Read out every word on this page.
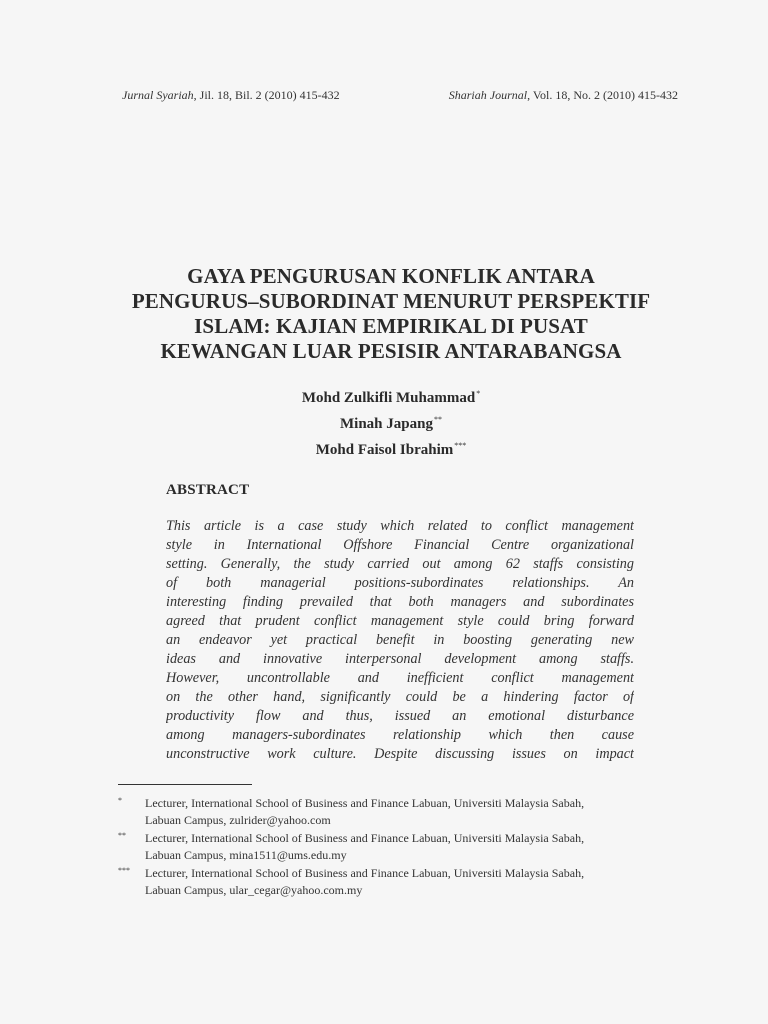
Jurnal Syariah, Jil. 18, Bil. 2 (2010) 415-432	Shariah Journal, Vol. 18, No. 2 (2010) 415-432
GAYA PENGURUSAN KONFLIK ANTARA
PENGURUS–SUBORDINAT MENURUT PERSPEKTIF
ISLAM: KAJIAN EMPIRIKAL DI PUSAT
KEWANGAN LUAR PESISIR ANTARABANGSA
Mohd Zulkifli Muhammad*
Minah Japang**
Mohd Faisol Ibrahim***
ABSTRACT
This article is a case study which related to conflict management
style in International Offshore Financial Centre organizational
setting. Generally, the study carried out among 62 staffs consisting
of both managerial positions-subordinates relationships. An
interesting finding prevailed that both managers and subordinates
agreed that prudent conflict management style could bring forward
an endeavor yet practical benefit in boosting generating new
ideas and innovative interpersonal development among staffs.
However, uncontrollable and inefficient conflict management
on the other hand, significantly could be a hindering factor of
productivity flow and thus, issued an emotional disturbance
among managers-subordinates relationship which then cause
unconstructive work culture. Despite discussing issues on impact
* Lecturer, International School of Business and Finance Labuan, Universiti Malaysia Sabah,
Labuan Campus, zulrider@yahoo.com
** Lecturer, International School of Business and Finance Labuan, Universiti Malaysia Sabah,
Labuan Campus, mina1511@ums.edu.my
*** Lecturer, International School of Business and Finance Labuan, Universiti Malaysia Sabah,
Labuan Campus, ular_cegar@yahoo.com.my
